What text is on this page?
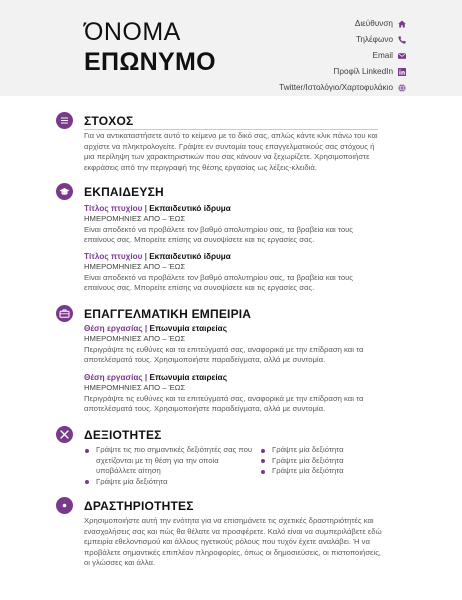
ΌΝΟΜΑ
ΕΠΩΝΥΜΟ
Διεύθυνση
Τηλέφωνο
Email
Προφίλ LinkedIn
Twitter/Ιστολόγιο/Χαρτοφυλάκιο
ΣΤΟΧΟΣ
Για να αντικαταστήσετε αυτό το κείμενο με το δικό σας, απλώς κάντε κλικ πάνω του και αρχίστε να πληκτρολογείτε. Γράψτε εν συντομία τους επαγγελματικούς σας στόχους ή μια περίληψη των χαρακτηριστικών που σας κάνουν να ξεχωρίζετε. Χρησιμοποιήστε εκφράσεις από την περιγραφή της θέσης εργασίας ως λέξεις-κλειδιά.
ΕΚΠΑΙΔΕΥΣΗ
Τίτλος πτυχίου | Εκπαιδευτικό ίδρυμα
ΗΜΕΡΟΜΗΝΙΕΣ ΑΠΟ – ΈΩΣ
Είναι αποδεκτό να προβάλετε τον βαθμό απολυτηρίου σας, τα βραβεία και τους επαίνους σας. Μπορείτε επίσης να συνοψίσετε και τις εργασίες σας.
Τίτλος πτυχίου | Εκπαιδευτικό ίδρυμα
ΗΜΕΡΟΜΗΝΙΕΣ ΑΠΟ – ΈΩΣ
Είναι αποδεκτό να προβάλετε τον βαθμό απολυτηρίου σας, τα βραβεία και τους επαίνους σας. Μπορείτε επίσης να συνοψίσετε και τις εργασίες σας.
ΕΠΑΓΓΕΛΜΑΤΙΚΗ ΕΜΠΕΙΡΙΑ
Θέση εργασίας | Επωνυμία εταιρείας
ΗΜΕΡΟΜΗΝΙΕΣ ΑΠΟ – ΈΩΣ
Περιγράψτε τις ευθύνες και τα επιτεύγματά σας, αναφορικά με την επίδραση και τα αποτελέσματά τους. Χρησιμοποιήστε παραδείγματα, αλλά με συντομία.
Θέση εργασίας | Επωνυμία εταιρείας
ΗΜΕΡΟΜΗΝΙΕΣ ΑΠΟ – ΈΩΣ
Περιγράψτε τις ευθύνες και τα επιτεύγματά σας, αναφορικά με την επίδραση και τα αποτελέσματά τους. Χρησιμοποιήστε παραδείγματα, αλλά με συντομία.
ΔΕΞΙΟΤΗΤΕΣ
Γράψτε τις πιο σημαντικές δεξιότητές σας που σχετίζονται με τη θέση για την οποία υποβάλλετε αίτηση
Γράψτε μία δεξιότητα
Γράψτε μία δεξιότητα
Γράψτε μία δεξιότητα
Γράψτε μία δεξιότητα
ΔΡΑΣΤΗΡΙΟΤΗΤΕΣ
Χρησιμοποιήστε αυτή την ενότητα για να επισημάνετε τις σχετικές δραστηριότητές και ενασχολήσεις σας και πώς θα θέλατε να προσφέρετε. Καλό είναι να συμπεριλάβετε εδώ εμπειρία εθελοντισμού και άλλους ηγετικούς ρόλους που τυχόν έχετε αναλάβει. Ή να προβάλετε σημαντικές επιπλέον πληροφορίες, όπως οι δημοσιεύσεις, οι πιστοποιήσεις, οι γλώσσες και άλλα.
